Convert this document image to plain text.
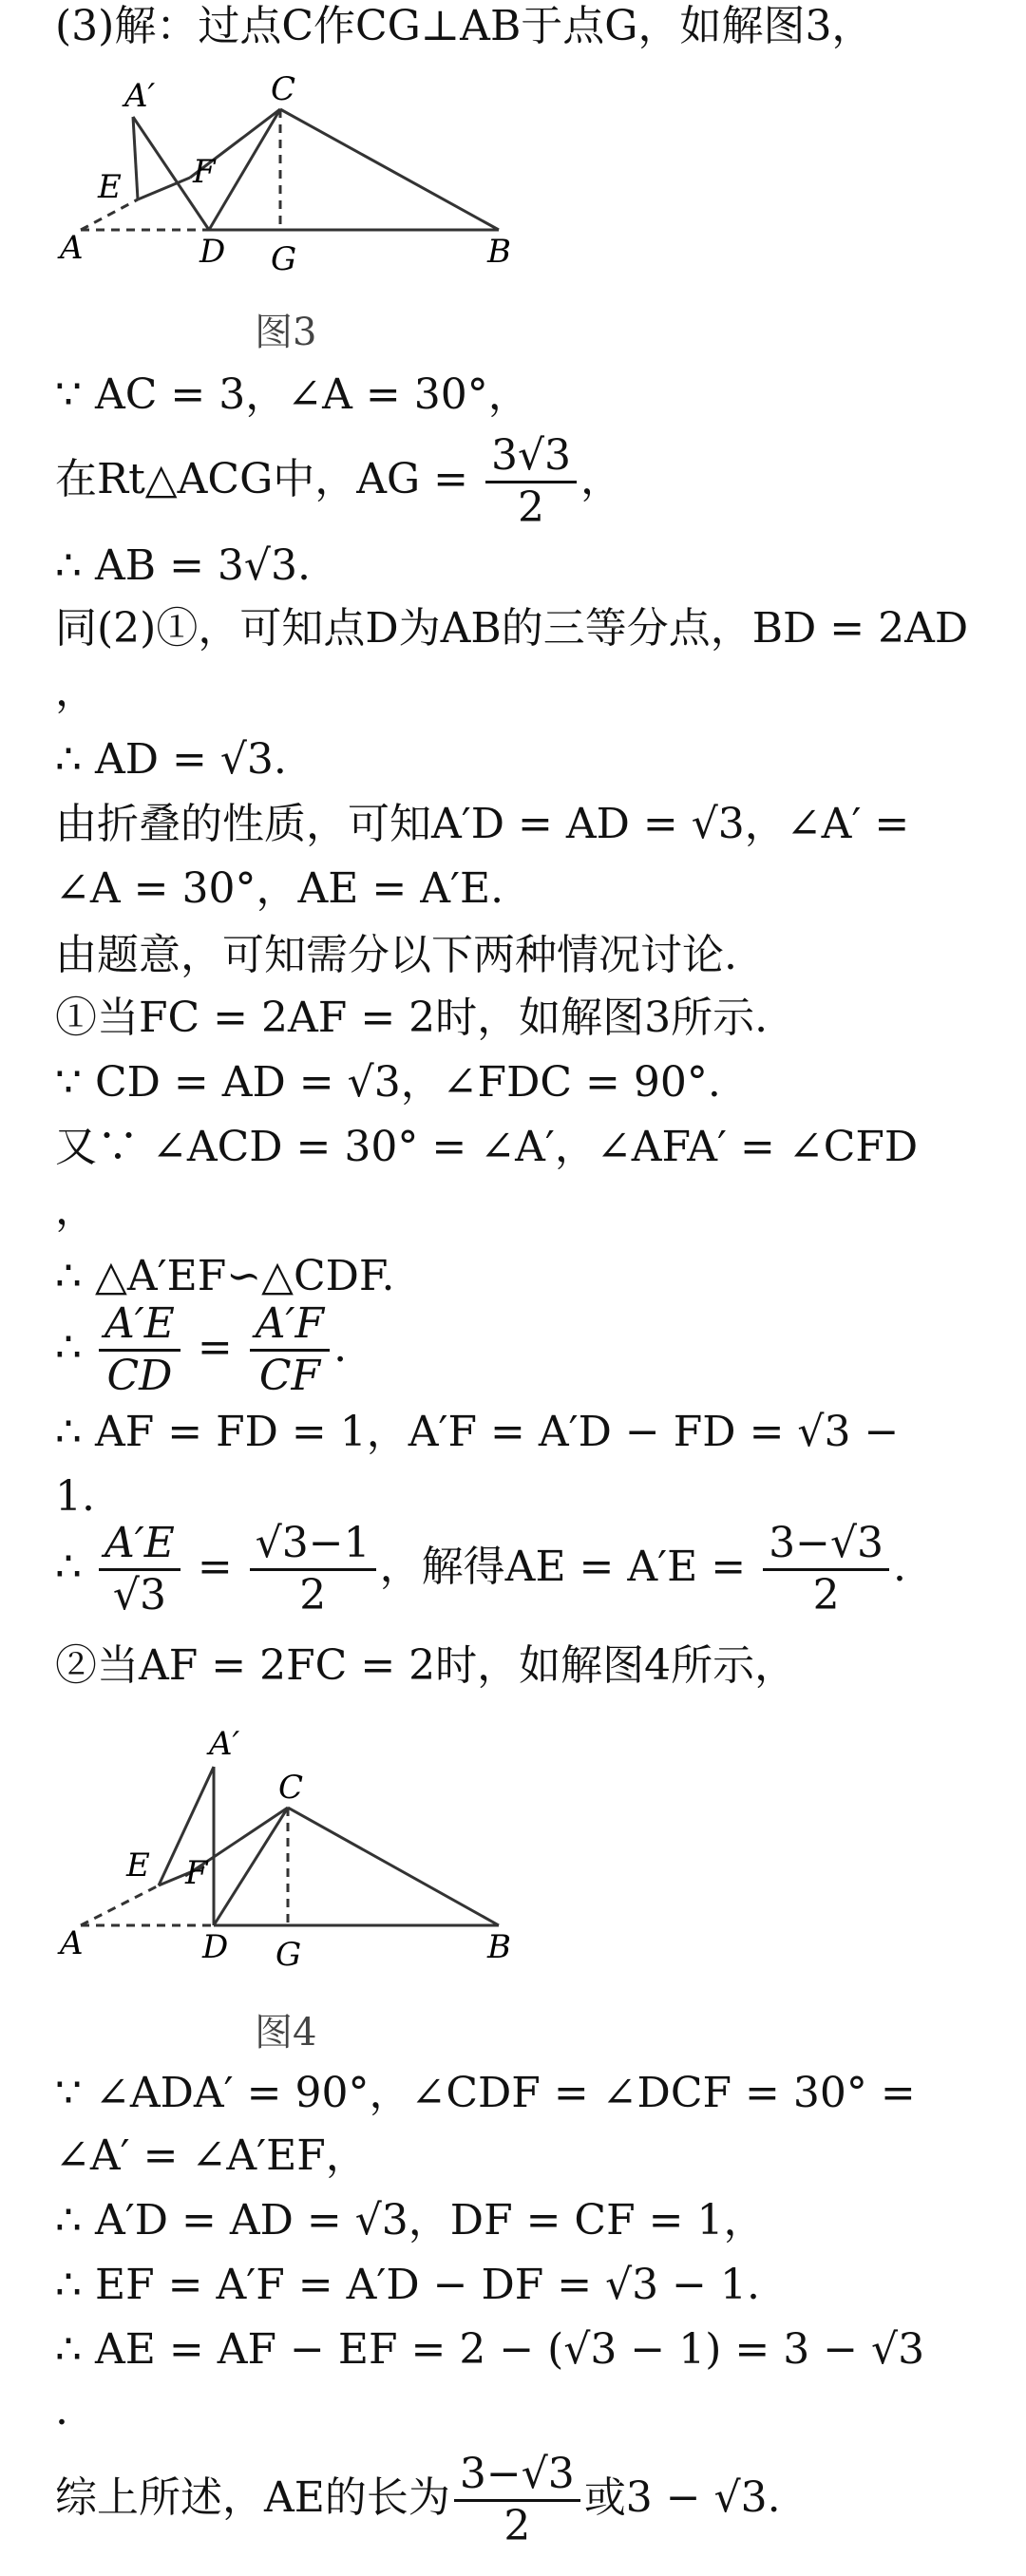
(3)解：过点C作CG⊥AB于点G，如解图3，
A′	C
E F
A	D G	B
图3
∵ AC = 3，∠A = 30°，
在Rt△ACG中，AG = $\frac{3√3}{2}$ ，
∴ AB = 3√3.
同(2)①，可知点D为AB的三等分点，BD = 2AD
，
∴ AD = √3.
由折叠的性质，可知A′D = AD = √3，∠A′ =
∠A = 30°，AE = A′E.
由题意，可知需分以下两种情况讨论.
①当FC = 2AF = 2时，如解图3所示.
∵ CD = AD = √3，∠FDC = 90°.
又∵ ∠ACD = 30° = ∠A′，∠AFA′ = ∠CFD
，
∴ △A′EF∽△CDF.
∴ $\frac{A'E}{CD} = \frac{A'F}{CF}$ .
∴ AF = FD = 1，A′F = A′D − FD = √3 −
1.
∴ $\frac{A'E}{√3} = \frac{√3-1}{2}$ ，解得AE = $A'E = \frac{3-√3}{2}$ .
②当AF = 2FC = 2时，如解图4所示，
A′
C
E F
A	D G	B
图4
∵ ∠ADA′ = 90°，∠CDF = ∠DCF = 30° =
∠A′ = ∠A′EF，
∴ A′D = AD = √3，DF = CF = 1，
∴ EF = A′F = A′D − DF = √3 − 1.
∴ AE = AF − EF = 2 − (√3 − 1) = 3 − √3
.
综上所述，AE的长为 $\frac{3-√3}{2}$ 或3 − √3.
